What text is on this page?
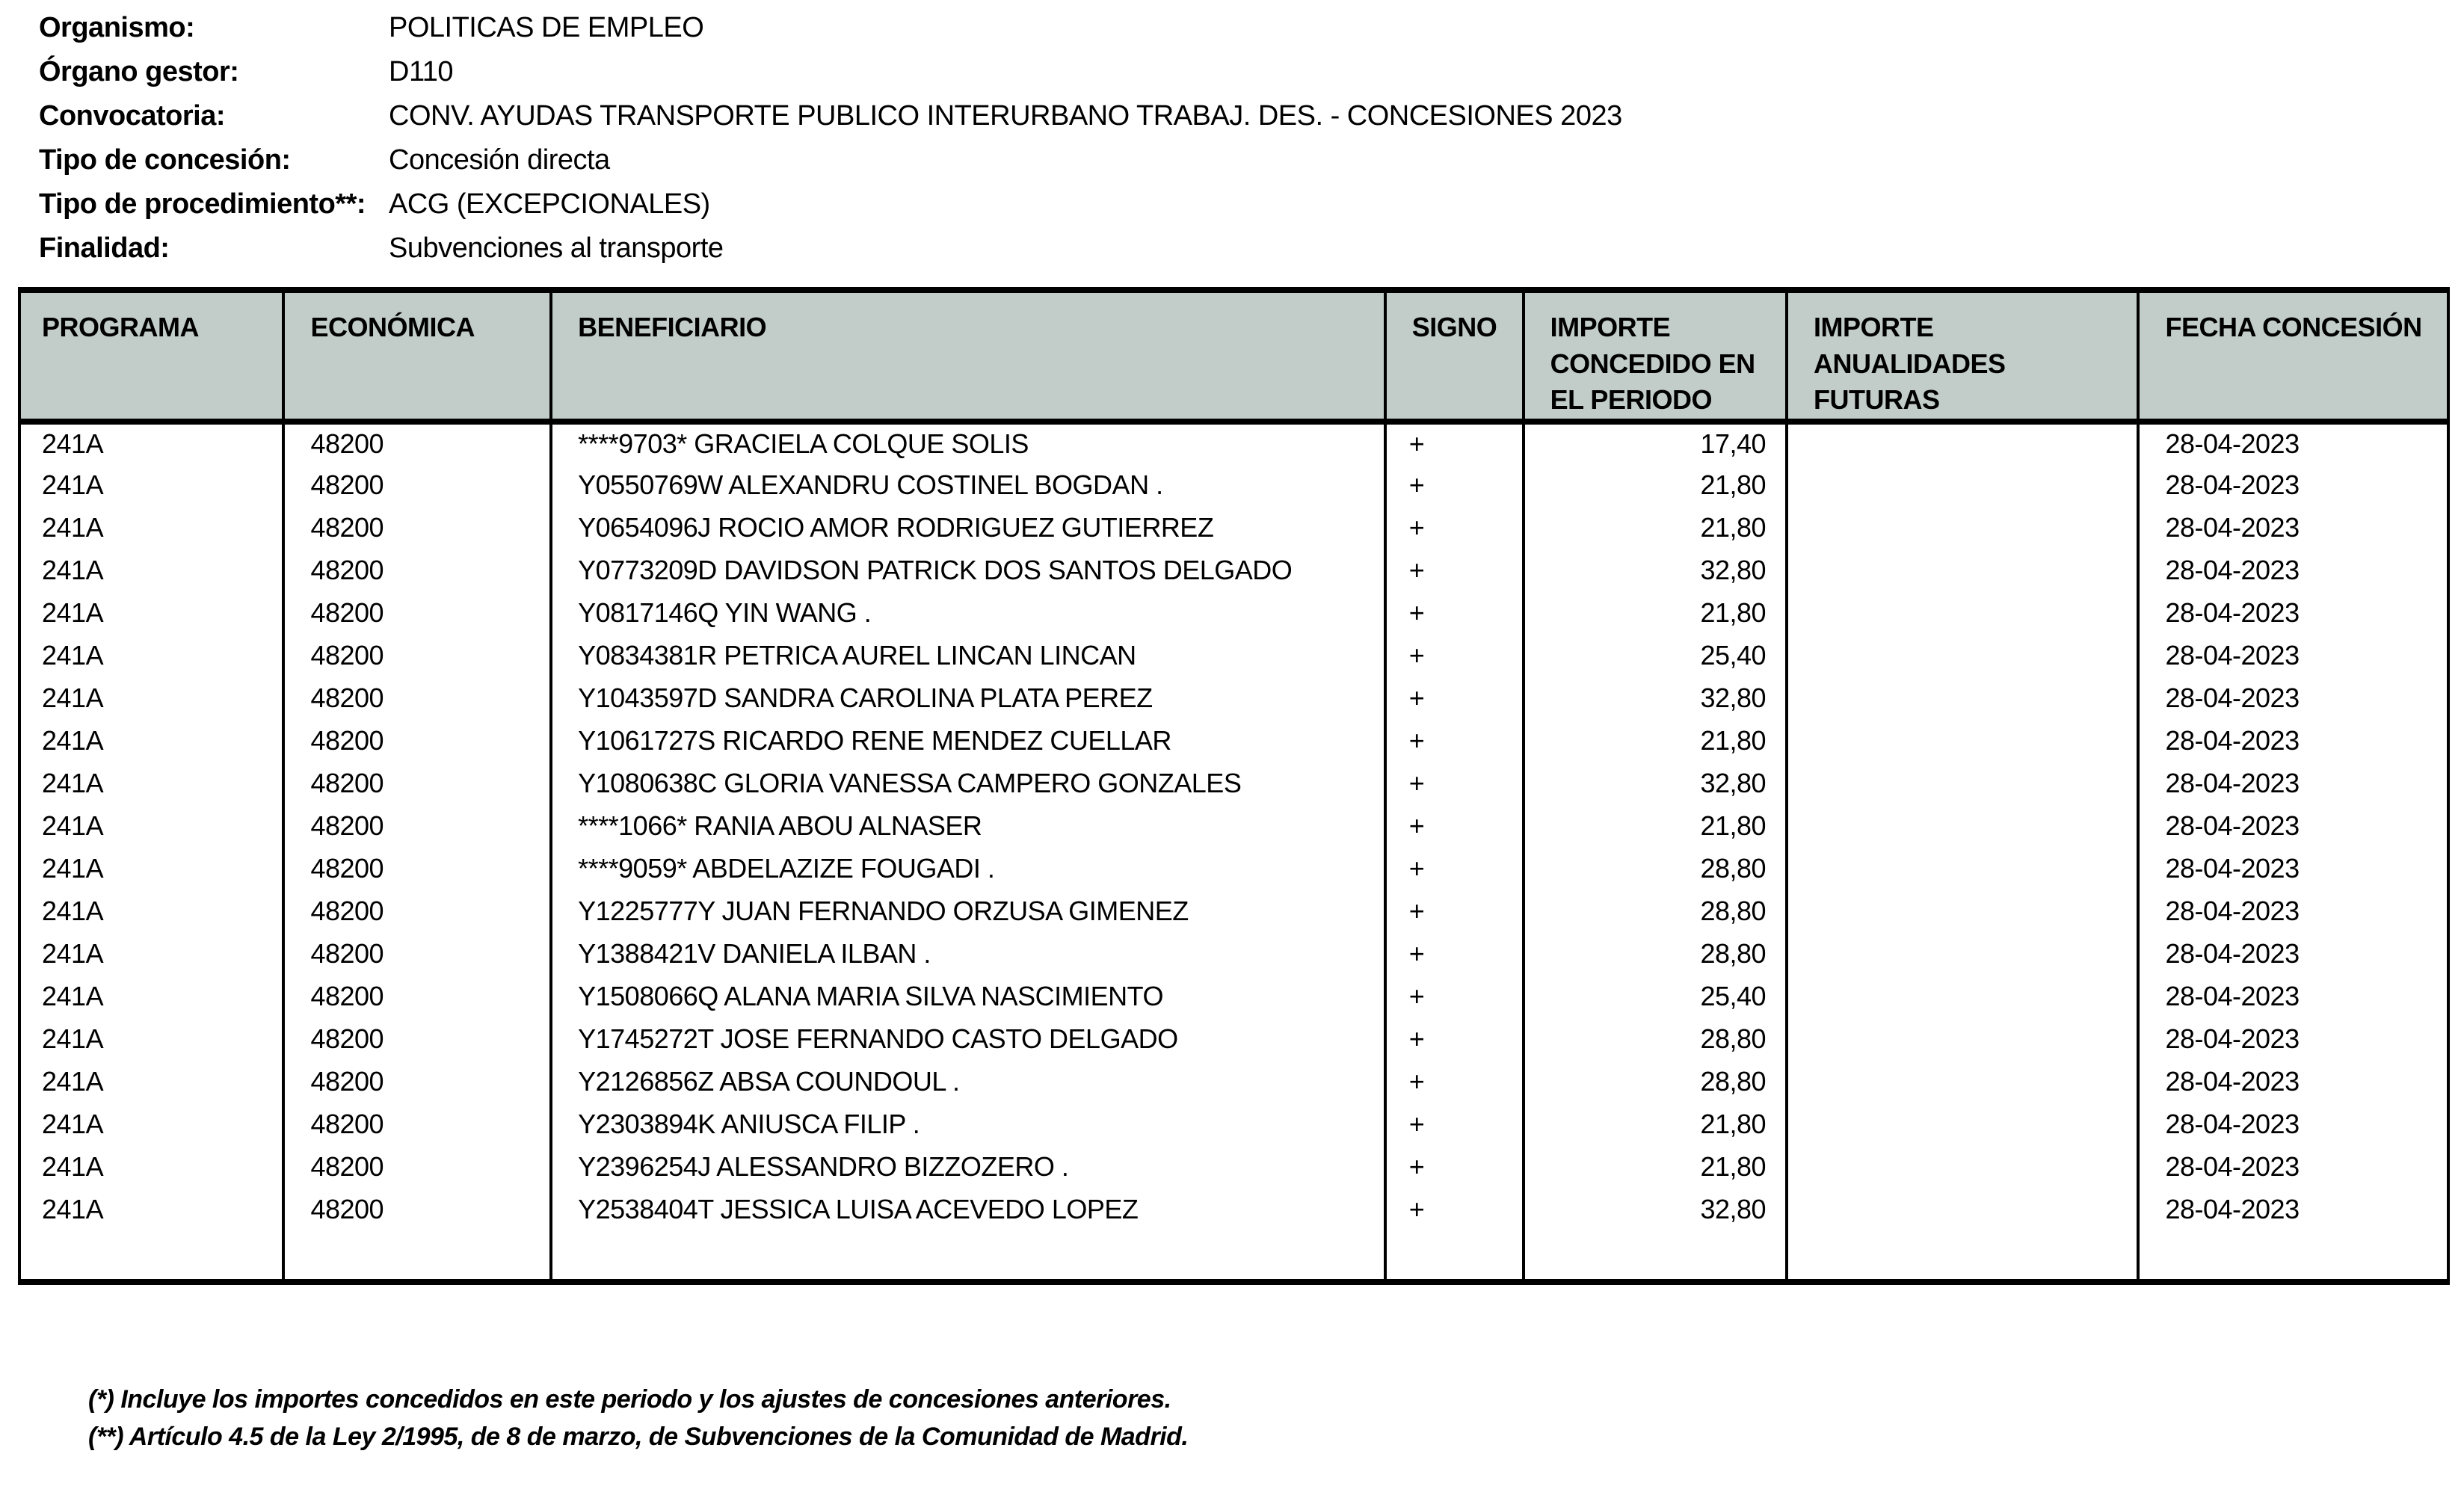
Organismo:	POLITICAS DE EMPLEO
Órgano gestor:	D110
Convocatoria:	CONV. AYUDAS TRANSPORTE PUBLICO INTERURBANO TRABAJ. DES. - CONCESIONES 2023
Tipo de concesión:	Concesión directa
Tipo de procedimiento**: ACG (EXCEPCIONALES)
Finalidad:	Subvenciones al transporte
PROGRAMA	ECONÓMICA	BENEFICIARIO	SIGNO	IMPORTE CONCEDIDO EN EL PERIODO	IMPORTE ANUALIDADES FUTURAS	FECHA CONCESIÓN
241A	48200	****9703* GRACIELA COLQUE SOLIS	+	17,40		28-04-2023
241A	48200	Y0550769W ALEXANDRU COSTINEL BOGDAN .	+	21,80		28-04-2023
241A	48200	Y0654096J ROCIO AMOR RODRIGUEZ GUTIERREZ	+	21,80		28-04-2023
241A	48200	Y0773209D DAVIDSON PATRICK DOS SANTOS DELGADO	+	32,80		28-04-2023
241A	48200	Y0817146Q YIN WANG .	+	21,80		28-04-2023
241A	48200	Y0834381R PETRICA AUREL LINCAN LINCAN	+	25,40		28-04-2023
241A	48200	Y1043597D SANDRA CAROLINA PLATA PEREZ	+	32,80		28-04-2023
241A	48200	Y1061727S RICARDO RENE MENDEZ CUELLAR	+	21,80		28-04-2023
241A	48200	Y1080638C GLORIA VANESSA CAMPERO GONZALES	+	32,80		28-04-2023
241A	48200	****1066* RANIA ABOU ALNASER	+	21,80		28-04-2023
241A	48200	****9059* ABDELAZIZE FOUGADI .	+	28,80		28-04-2023
241A	48200	Y1225777Y JUAN FERNANDO ORZUSA GIMENEZ	+	28,80		28-04-2023
241A	48200	Y1388421V DANIELA ILBAN .	+	28,80		28-04-2023
241A	48200	Y1508066Q ALANA MARIA SILVA NASCIMIENTO	+	25,40		28-04-2023
241A	48200	Y1745272T JOSE FERNANDO CASTO DELGADO	+	28,80		28-04-2023
241A	48200	Y2126856Z ABSA COUNDOUL .	+	28,80		28-04-2023
241A	48200	Y2303894K ANIUSCA FILIP .	+	21,80		28-04-2023
241A	48200	Y2396254J ALESSANDRO BIZZOZERO .	+	21,80		28-04-2023
241A	48200	Y2538404T JESSICA LUISA ACEVEDO LOPEZ	+	32,80		28-04-2023

(*) Incluye los importes concedidos en este periodo y los ajustes de concesiones anteriores.
(**) Artículo 4.5 de la Ley 2/1995, de 8 de marzo, de Subvenciones de la Comunidad de Madrid.
